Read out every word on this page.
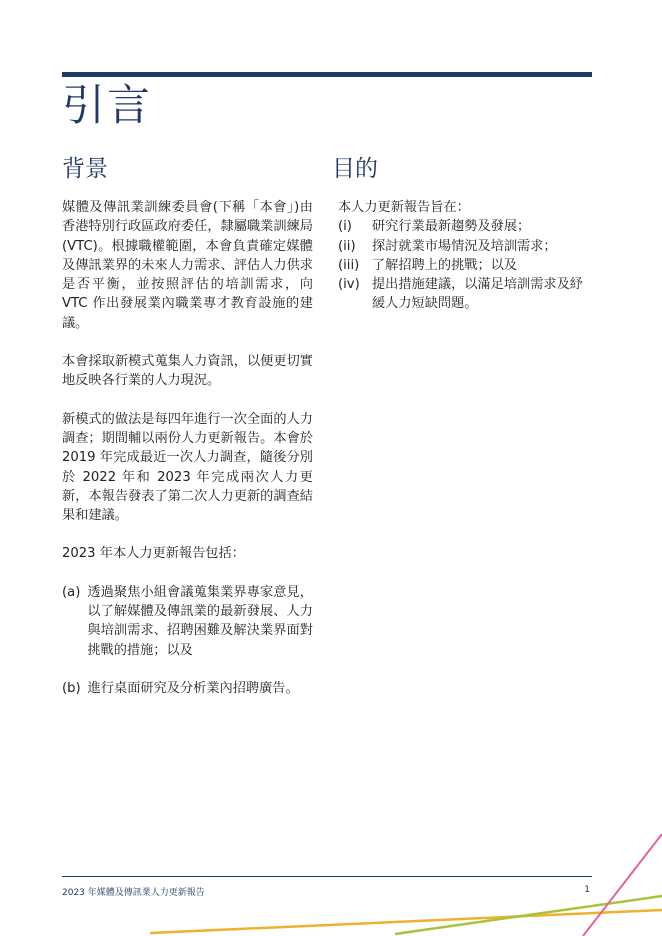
引言
背景

媒體及傳訊業訓練委員會(下稱「本會」)由香港特別行政區政府委任，隸屬職業訓練局 (VTC)。根據職權範圍，本會負責確定媒體及傳訊業界的未來人力需求、評估人力供求是否平衡，並按照評估的培訓需求，向 VTC 作出發展業內職業專才教育設施的建議。

本會採取新模式蒐集人力資訊，以便更切實地反映各行業的人力現況。

新模式的做法是每四年進行一次全面的人力調查；期間輔以兩份人力更新報告。本會於 2019 年完成最近一次人力調查，隨後分別於 2022 年和 2023 年完成兩次人力更新，本報告發表了第二次人力更新的調查結果和建議。

2023 年本人力更新報告包括：

(a) 透過聚焦小組會議蒐集業界專家意見，以了解媒體及傳訊業的最新發展、人力與培訓需求、招聘困難及解決業界面對挑戰的措施；以及
(b) 進行桌面研究及分析業內招聘廣告。
目的

本人力更新報告旨在：

(i)	研究行業最新趨勢及發展；
(ii)	探討就業市場情況及培訓需求；
(iii) 了解招聘上的挑戰；以及
(iv) 提出措施建議，以滿足培訓需求及紓緩人力短缺問題。
2023 年媒體及傳訊業人力更新報告	1
